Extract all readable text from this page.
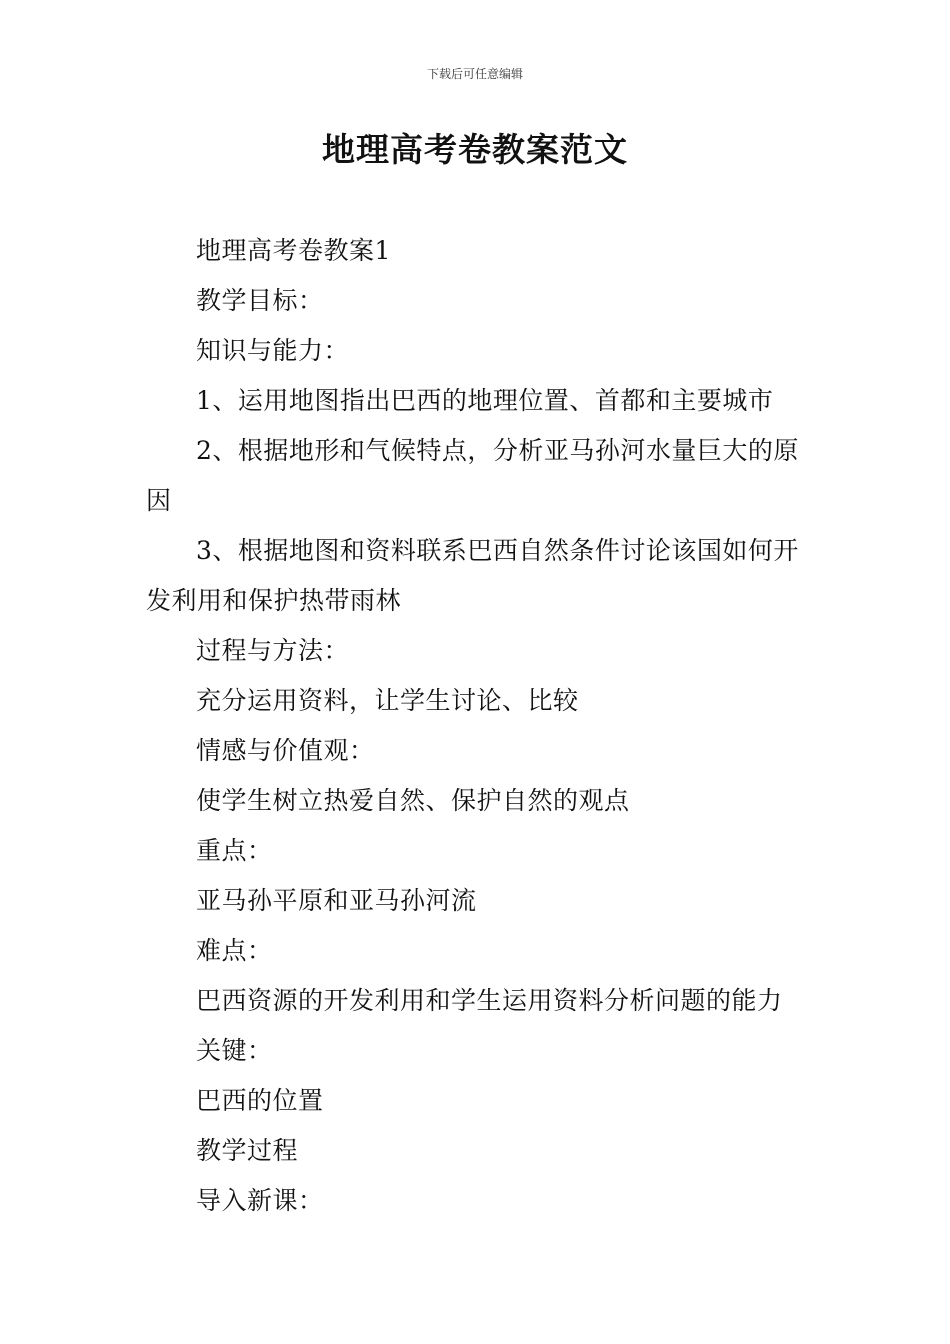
下载后可任意编辑
地理高考卷教案范文

地理高考卷教案1

教学目标：

知识与能力：

1、运用地图指出巴西的地理位置、首都和主要城市

2、根据地形和气候特点，分析亚马孙河水量巨大的原因

3、根据地图和资料联系巴西自然条件讨论该国如何开发利用和保护热带雨林

过程与方法：

充分运用资料，让学生讨论、比较

情感与价值观：

使学生树立热爱自然、保护自然的观点

重点：

亚马孙平原和亚马孙河流

难点：

巴西资源的开发利用和学生运用资料分析问题的能力

关键：

巴西的位置

教学过程

导入新课：
